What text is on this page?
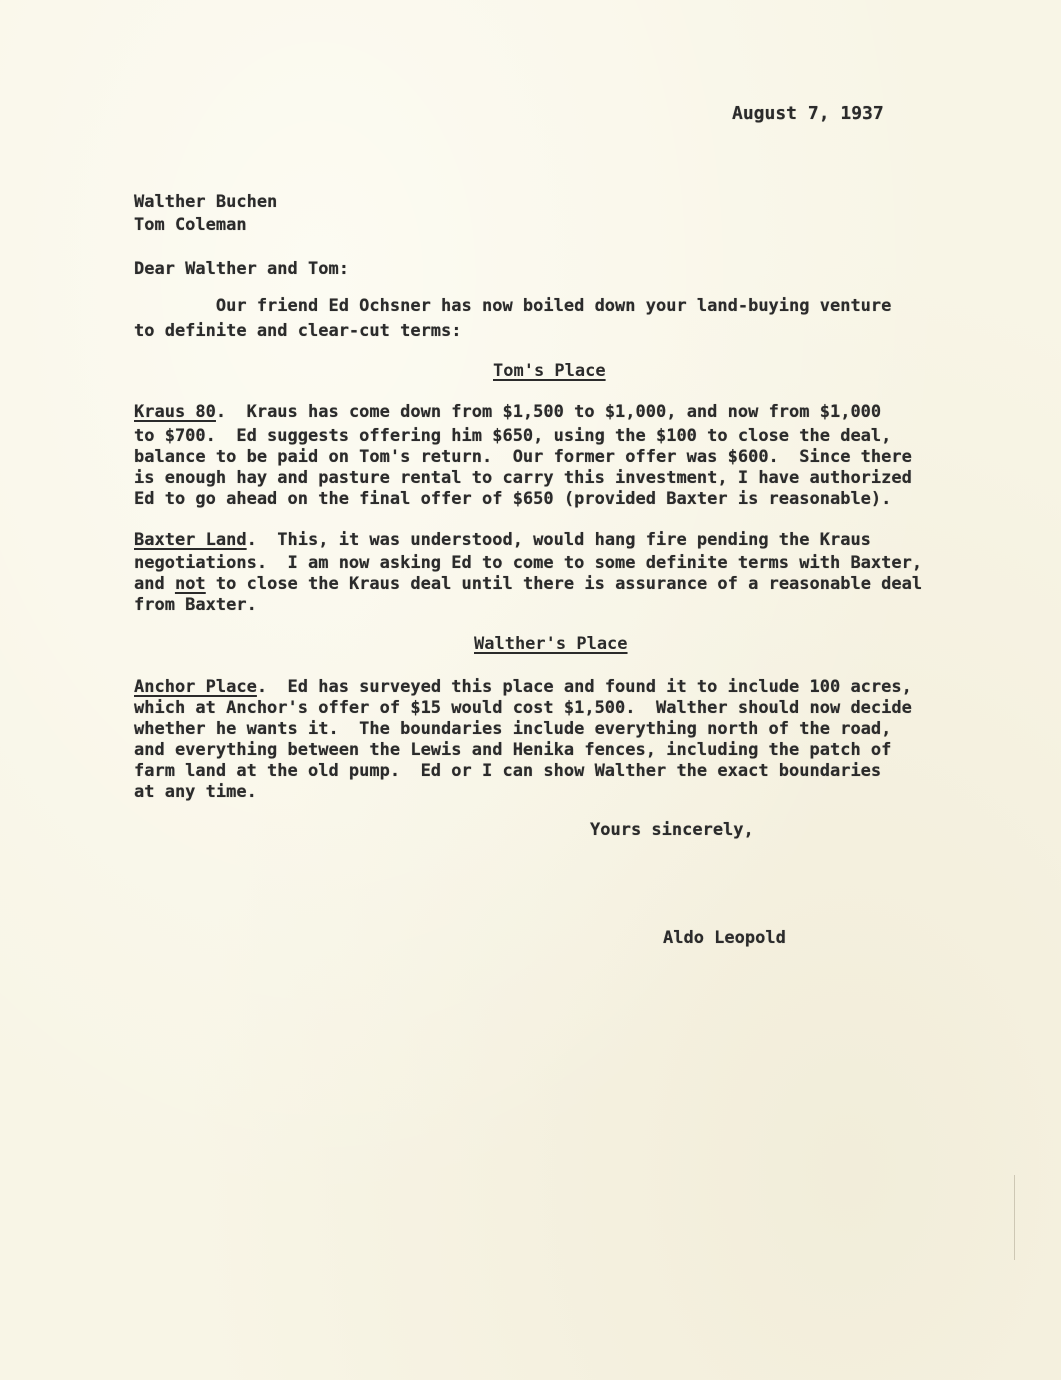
August 7, 1937
Walther Buchen
Tom Coleman
Dear Walther and Tom:
Our friend Ed Ochsner has now boiled down your land-buying venture
to definite and clear-cut terms:
Tom's Place
Kraus 80.  Kraus has come down from $1,500 to $1,000, and now from $1,000
to $700.  Ed suggests offering him $650, using the $100 to close the deal,
balance to be paid on Tom's return.  Our former offer was $600.  Since there
is enough hay and pasture rental to carry this investment, I have authorized
Ed to go ahead on the final offer of $650 (provided Baxter is reasonable).
Baxter Land.  This, it was understood, would hang fire pending the Kraus
negotiations.  I am now asking Ed to come to some definite terms with Baxter,
and not to close the Kraus deal until there is assurance of a reasonable deal
from Baxter.
Walther's Place
Anchor Place.  Ed has surveyed this place and found it to include 100 acres,
which at Anchor's offer of $15 would cost $1,500.  Walther should now decide
whether he wants it.  The boundaries include everything north of the road,
and everything between the Lewis and Henika fences, including the patch of
farm land at the old pump.  Ed or I can show Walther the exact boundaries
at any time.
Yours sincerely,
Aldo Leopold
